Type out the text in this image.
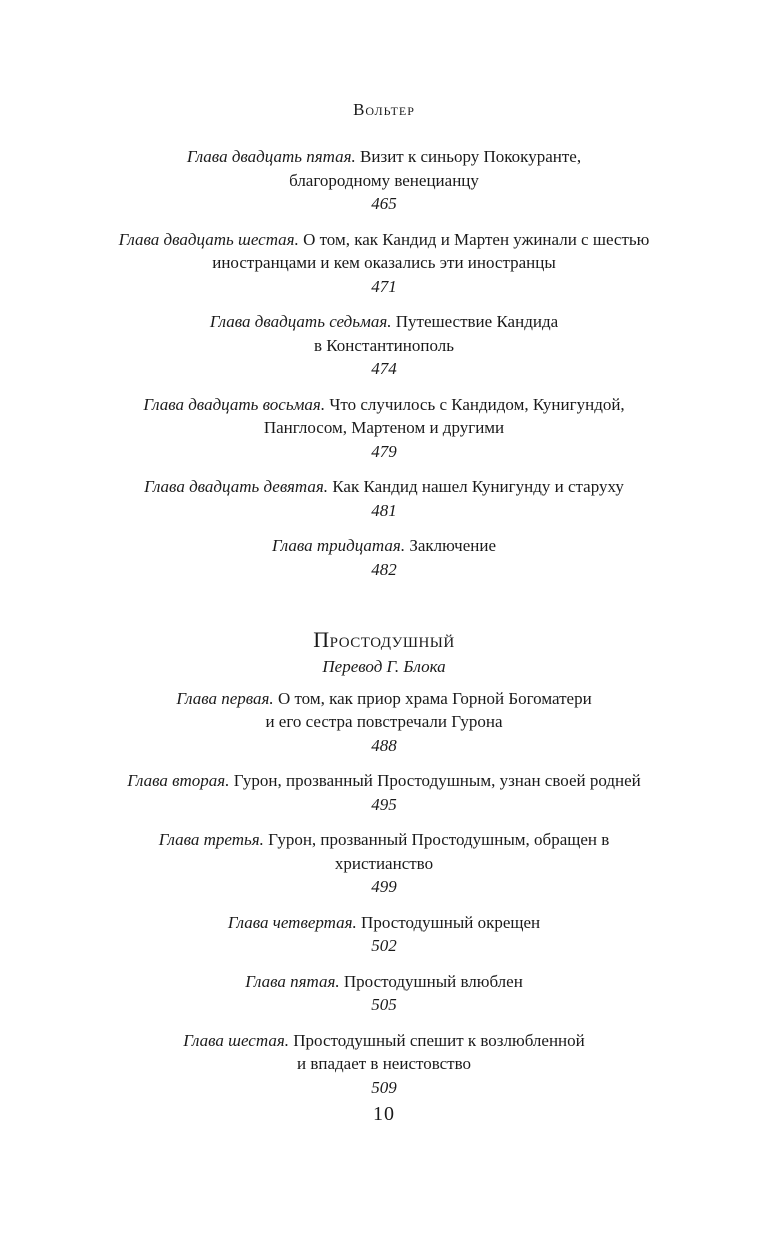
Вольтер
Глава двадцать пятая. Визит к синьору Пококуранте,
благородному венецианцу
465
Глава двадцать шестая. О том, как Кандид и Мартен ужинали с шестью
иностранцами и кем оказались эти иностранцы
471
Глава двадцать седьмая. Путешествие Кандида
в Константинополь
474
Глава двадцать восьмая. Что случилось с Кандидом, Кунигундой,
Панглосом, Мартеном и другими
479
Глава двадцать девятая. Как Кандид нашел Кунигунду и старуху
481
Глава тридцатая. Заключение
482
Простодушный
Перевод Г. Блока
Глава первая. О том, как приор храма Горной Богоматери
и его сестра повстречали Гурона
488
Глава вторая. Гурон, прозванный Простодушным, узнан своей родней
495
Глава третья. Гурон, прозванный Простодушным, обращен в
христианство
499
Глава четвертая. Простодушный окрещен
502
Глава пятая. Простодушный влюблен
505
Глава шестая. Простодушный спешит к возлюбленной
и впадает в неистовство
509
10
